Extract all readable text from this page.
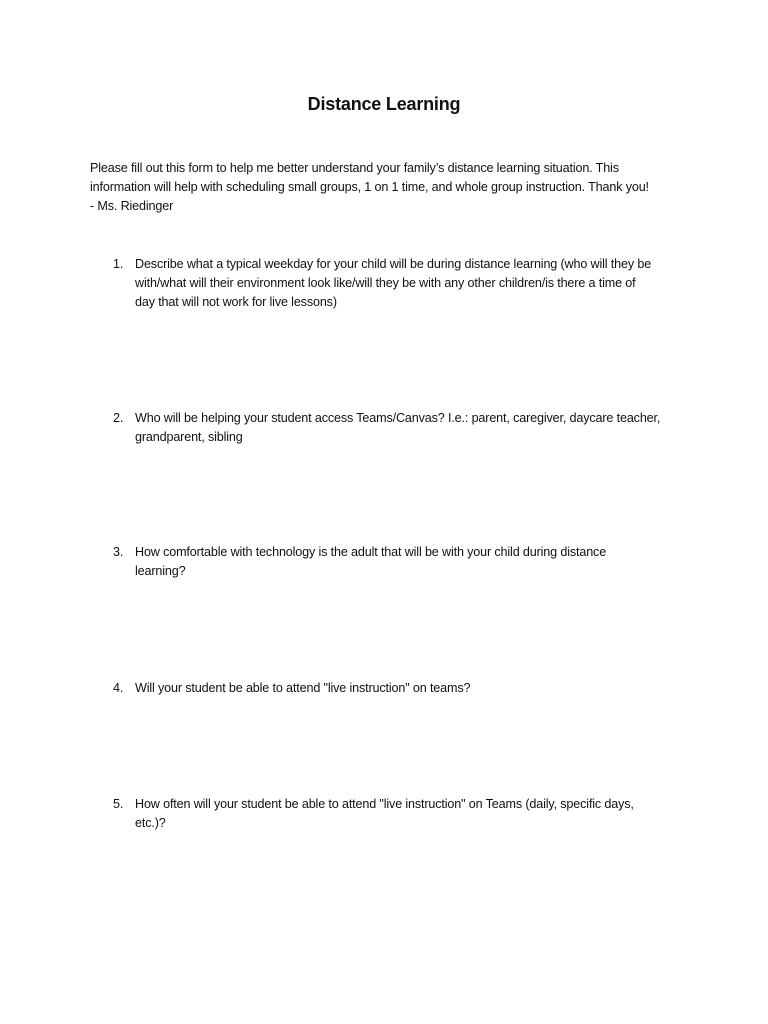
Distance Learning
Please fill out this form to help me better understand your family’s distance learning situation. This
information will help with scheduling small groups, 1 on 1 time, and whole group instruction. Thank you!
- Ms. Riedinger
1. Describe what a typical weekday for your child will be during distance learning (who will they be
with/what will their environment look like/will they be with any other children/is there a time of
day that will not work for live lessons)
2. Who will be helping your student access Teams/Canvas? I.e.: parent, caregiver, daycare teacher,
grandparent, sibling
3. How comfortable with technology is the adult that will be with your child during distance
learning?
4. Will your student be able to attend "live instruction" on teams?
5. How often will your student be able to attend "live instruction" on Teams (daily, specific days,
etc.)?
